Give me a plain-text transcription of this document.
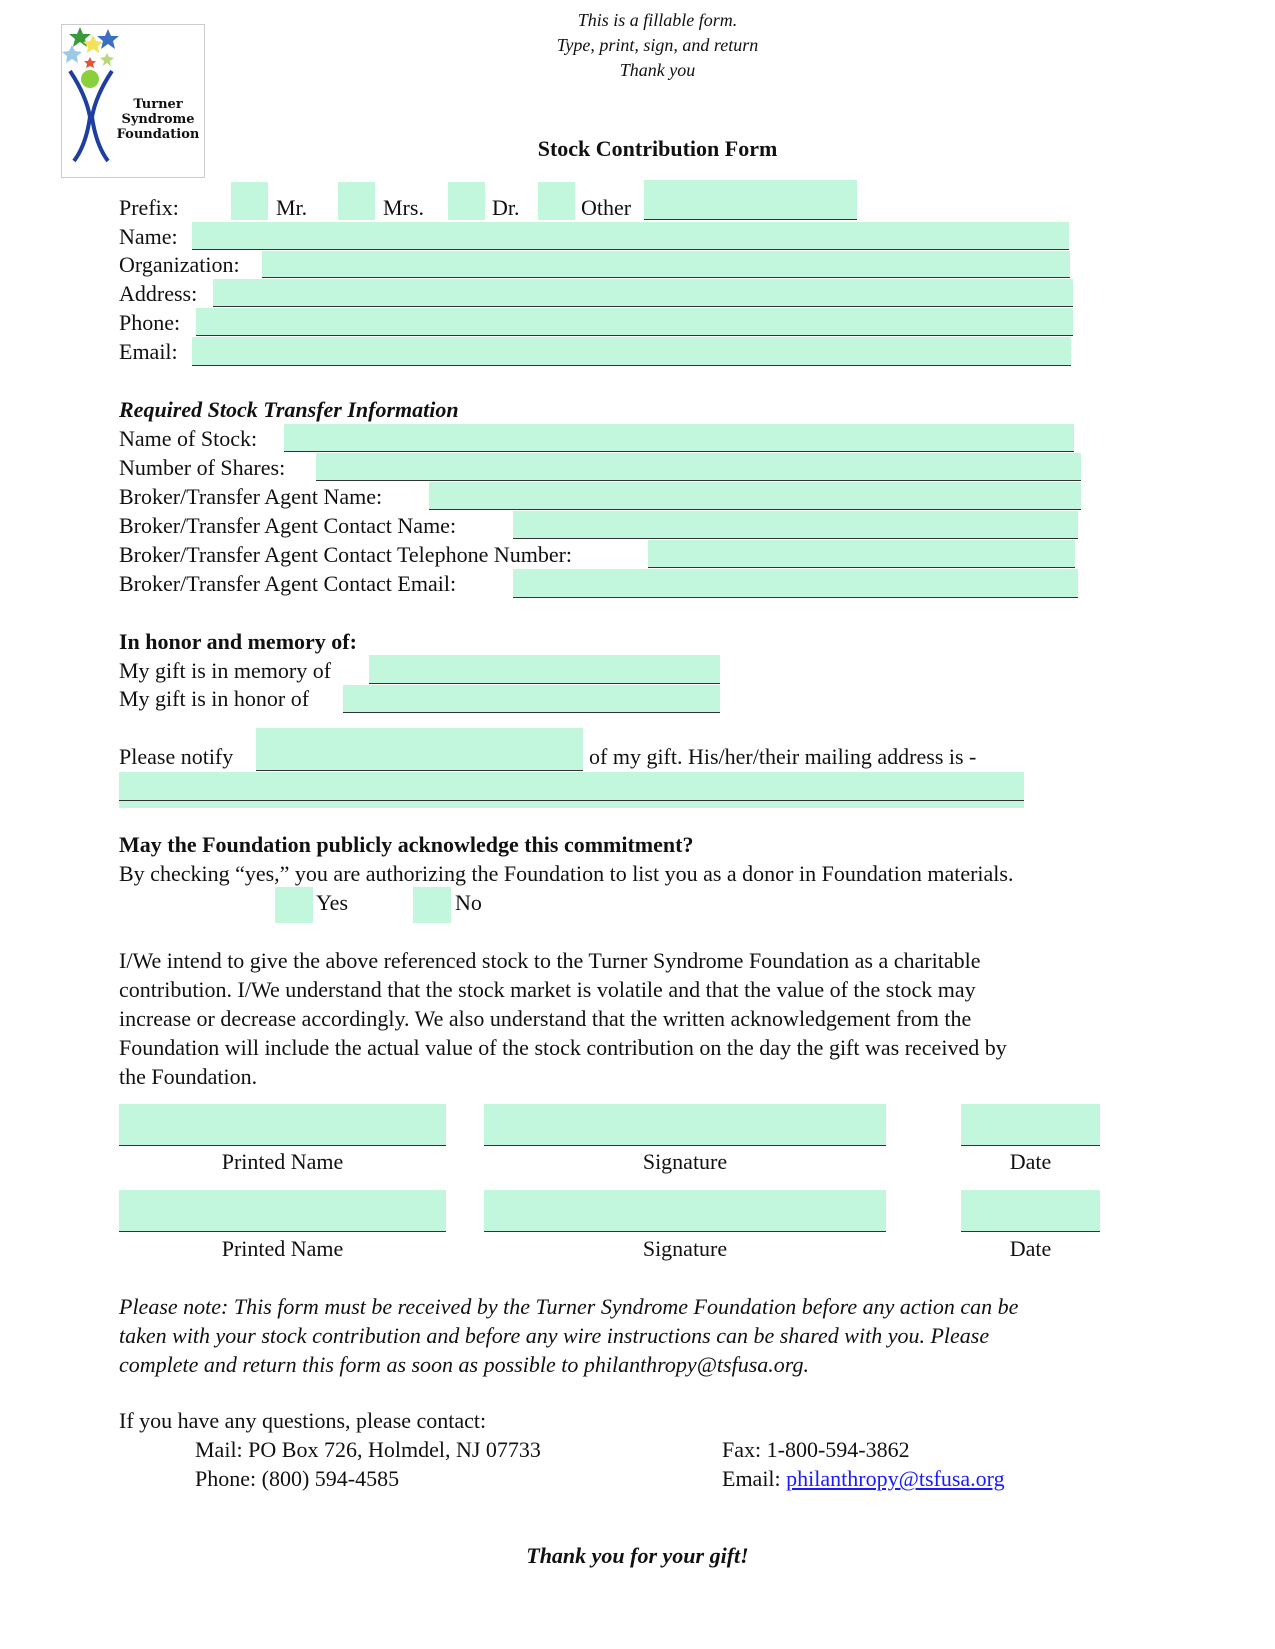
Turner
Syndrome
Foundation
This is a fillable form.
Type, print, sign, and return
Thank you
Stock Contribution Form
Prefix:	Mr.	Mrs.	Dr.	Other
Name:
Organization:
Address:
Phone:
Email:
Required Stock Transfer Information
Name of Stock:
Number of Shares:
Broker/Transfer Agent Name:
Broker/Transfer Agent Contact Name:
Broker/Transfer Agent Contact Telephone Number:
Broker/Transfer Agent Contact Email:
In honor and memory of:
My gift is in memory of
My gift is in honor of
Please notify	of my gift. His/her/their mailing address is -
May the Foundation publicly acknowledge this commitment?
By checking “yes,” you are authorizing the Foundation to list you as a donor in Foundation materials.
Yes	No
I/We intend to give the above referenced stock to the Turner Syndrome Foundation as a charitable
contribution. I/We understand that the stock market is volatile and that the value of the stock may
increase or decrease accordingly. We also understand that the written acknowledgement from the
Foundation will include the actual value of the stock contribution on the day the gift was received by
the Foundation.
Printed Name	Signature	Date
Printed Name	Signature	Date
Please note: This form must be received by the Turner Syndrome Foundation before any action can be
taken with your stock contribution and before any wire instructions can be shared with you. Please
complete and return this form as soon as possible to philanthropy@tsfusa.org.
If you have any questions, please contact:
Mail: PO Box 726, Holmdel, NJ 07733
Phone: (800) 594-4585
Fax: 1-800-594-3862
Email: philanthropy@tsfusa.org
Thank you for your gift!
